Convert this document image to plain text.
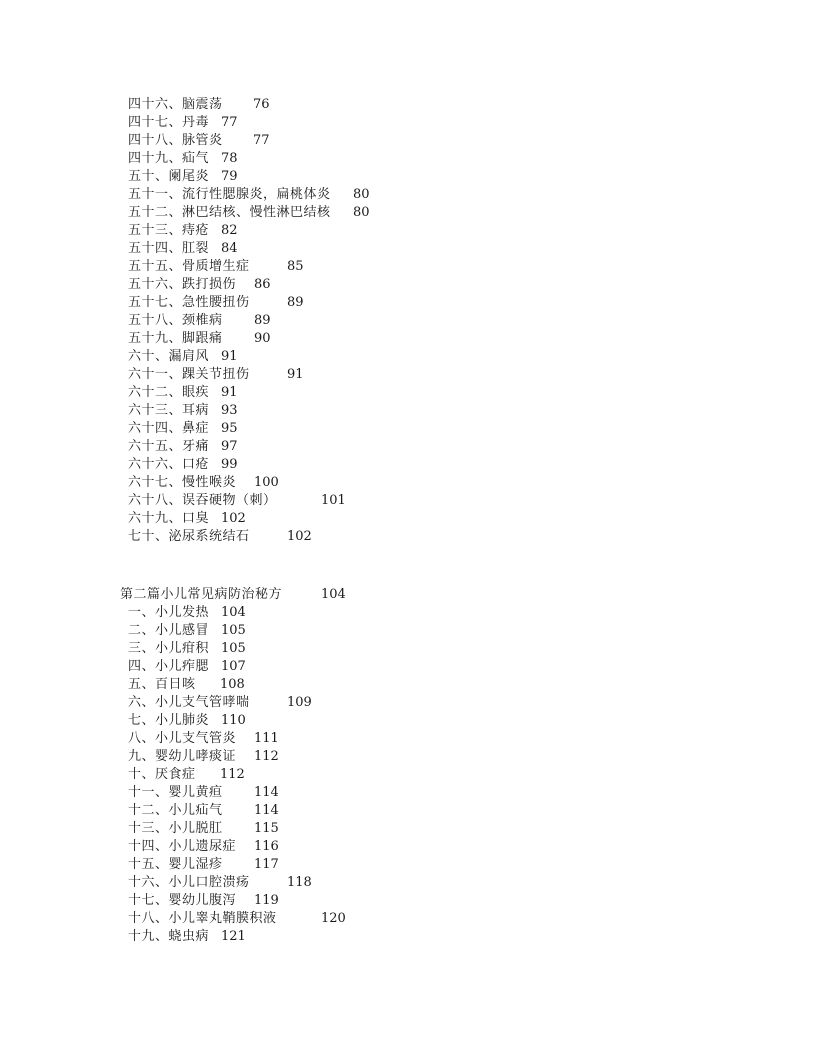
四十六、脑震荡	76
四十七、丹毒 77
四十八、脉管炎	77
四十九、疝气 78
五十、阑尾炎 79
五十一、流行性腮腺炎，扁桃体炎	80
五十二、淋巴结核、慢性淋巴结核	80
五十三、痔疮 82
五十四、肛裂 84
五十五、骨质增生症	85
五十六、跌打损伤	86
五十七、急性腰扭伤	89
五十八、颈椎病	89
五十九、脚跟痛	90
六十、漏肩风 91
六十一、踝关节扭伤	91
六十二、眼疾 91
六十三、耳病 93
六十四、鼻症 95
六十五、牙痛 97
六十六、口疮 99
六十七、慢性喉炎	100
六十八、误吞硬物（刺）	101
六十九、口臭 102
七十、泌尿系统结石	102
第二篇小儿常见病防治秘方	104
一、小儿发热 104
二、小儿感冒 105
三、小儿疳积 105
四、小儿痄腮 107
五、百日咳	108
六、小儿支气管哮喘	109
七、小儿肺炎 110
八、小儿支气管炎	111
九、婴幼儿哮痰证	112
十、厌食症	112
十一、婴儿黄疸	114
十二、小儿疝气	114
十三、小儿脱肛	115
十四、小儿遗尿症	116
十五、婴儿湿疹	117
十六、小儿口腔溃疡	118
十七、婴幼儿腹泻	119
十八、小儿睾丸鞘膜积液	120
十九、蛲虫病 121
